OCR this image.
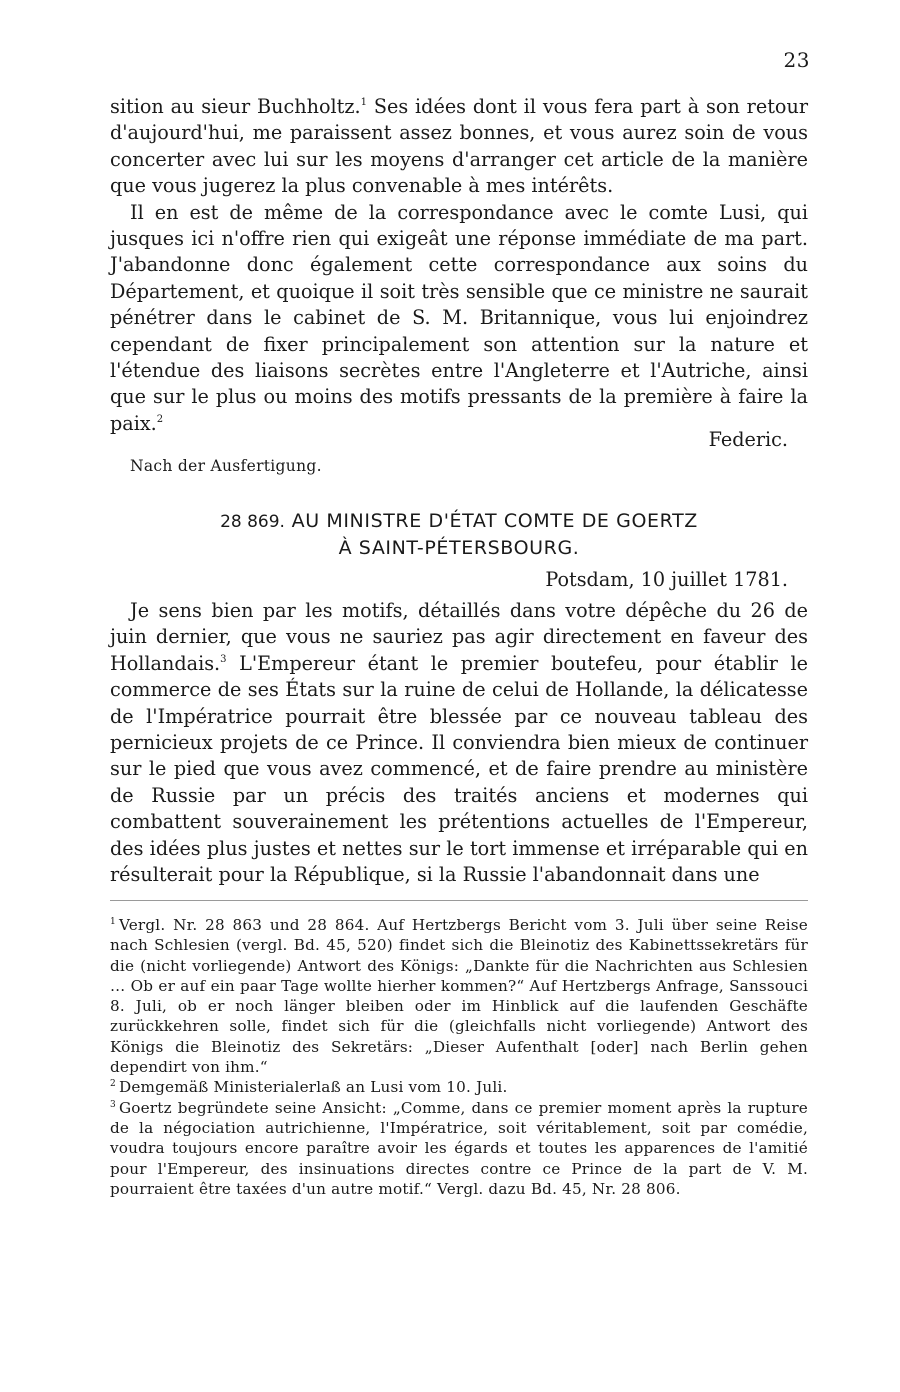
23

sition au sieur Buchholtz.$^1$ Ses idées dont il vous fera part à son retour d'aujourd'hui, me paraissent assez bonnes, et vous aurez soin de vous concerter avec lui sur les moyens d'arranger cet article de la manière que vous jugerez la plus convenable à mes intérêts.

Il en est de même de la correspondance avec le comte Lusi, qui jusques ici n'offre rien qui exigeât une réponse immédiate de ma part. J'abandonne donc également cette correspondance aux soins du Département, et quoique il soit très sensible que ce ministre ne saurait pénétrer dans le cabinet de S. M. Britannique, vous lui enjoindrez cependant de fixer principalement son attention sur la nature et l'étendue des liaisons secrètes entre l'Angleterre et l'Autriche, ainsi que sur le plus ou moins des motifs pressants de la première à faire la paix.$^2$

Federic.
Nach der Ausfertigung.
28 869. AU MINISTRE D'ÉTAT COMTE DE GOERTZ
À SAINT-PÉTERSBOURG.
Potsdam, 10 juillet 1781.

Je sens bien par les motifs, détaillés dans votre dépêche du 26 de juin dernier, que vous ne sauriez pas agir directement en faveur des Hollandais.$^3$ L'Empereur étant le premier boutefeu, pour établir le commerce de ses États sur la ruine de celui de Hollande, la délicatesse de l'Impératrice pourrait être blessée par ce nouveau tableau des pernicieux projets de ce Prince. Il conviendra bien mieux de continuer sur le pied que vous avez commencé, et de faire prendre au ministère de Russie par un précis des traités anciens et modernes qui combattent souverainement les prétentions actuelles de l'Empereur, des idées plus justes et nettes sur le tort immense et irréparable qui en résulterait pour la République, si la Russie l'abandonnait dans une

$^1$ Vergl. Nr. 28 863 und 28 864. Auf Hertzbergs Bericht vom 3. Juli über seine Reise nach Schlesien (vergl. Bd. 45, 520) findet sich die Bleinotiz des Kabinettssekretärs für die (nicht vorliegende) Antwort des Königs: „Dankte für die Nachrichten aus Schlesien … Ob er auf ein paar Tage wollte hierher kommen?“ Auf Hertzbergs Anfrage, Sanssouci 8. Juli, ob er noch länger bleiben oder im Hinblick auf die laufenden Geschäfte zurückkehren solle, findet sich für die (gleichfalls nicht vorliegende) Antwort des Königs die Bleinotiz des Sekretärs: „Dieser Aufenthalt [oder] nach Berlin gehen dependirt von ihm.“

$^2$ Demgemäß Ministerialerlaß an Lusi vom 10. Juli.

$^3$ Goertz begründete seine Ansicht: „Comme, dans ce premier moment après la rupture de la négociation autrichienne, l'Impératrice, soit véritablement, soit par comédie, voudra toujours encore paraître avoir les égards et toutes les apparences de l'amitié pour l'Empereur, des insinuations directes contre ce Prince de la part de V. M. pourraient être taxées d'un autre motif.“ Vergl. dazu Bd. 45, Nr. 28 806.
